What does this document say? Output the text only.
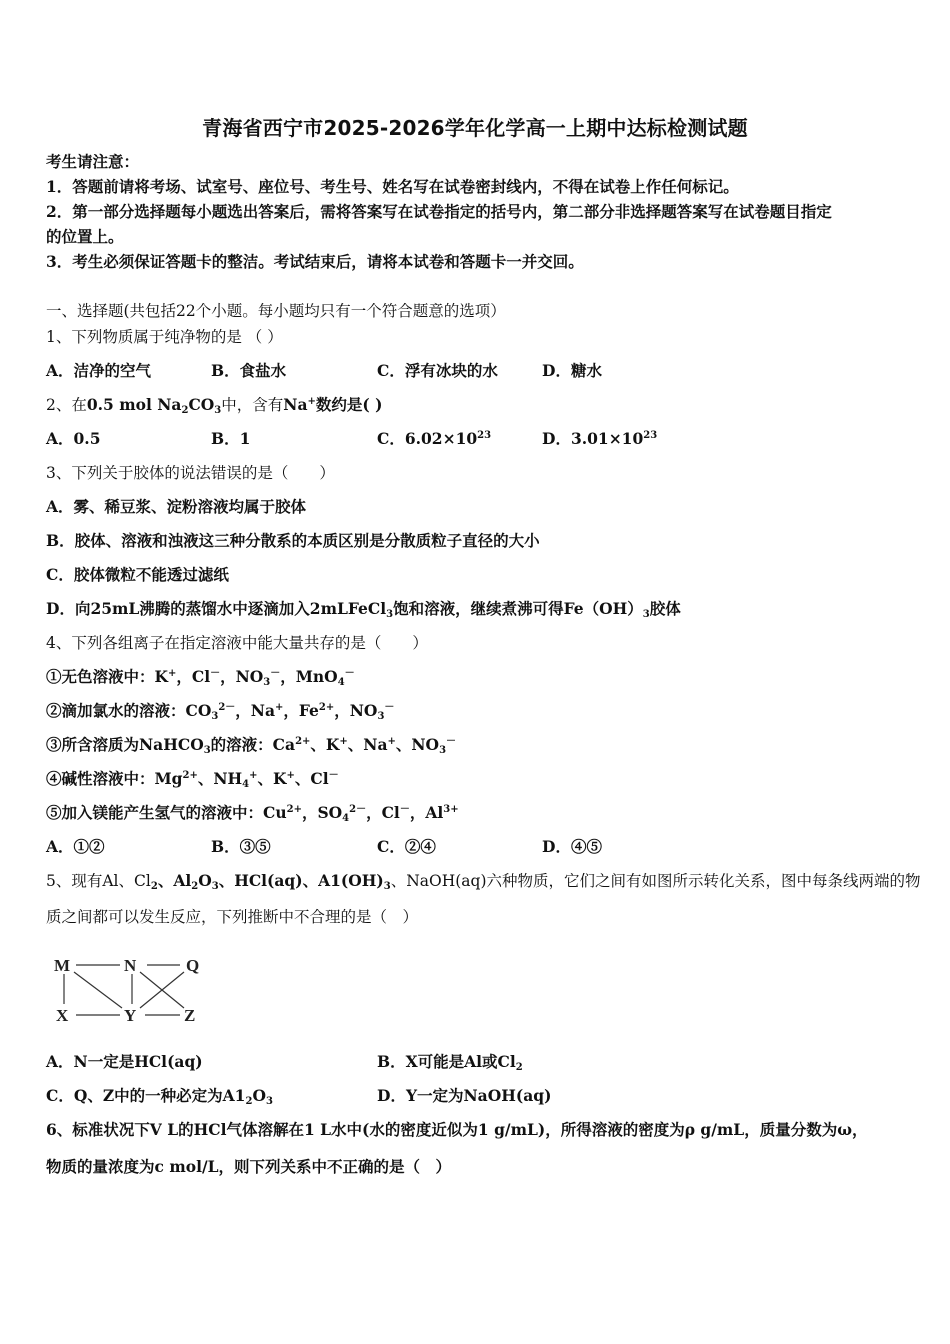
青海省西宁市2025-2026学年化学高一上期中达标检测试题
考生请注意：
1．答题前请将考场、试室号、座位号、考生号、姓名写在试卷密封线内，不得在试卷上作任何标记。
2．第一部分选择题每小题选出答案后，需将答案写在试卷指定的括号内，第二部分非选择题答案写在试卷题目指定
的位置上。
3．考生必须保证答题卡的整洁。考试结束后，请将本试卷和答题卡一并交回。
一、选择题(共包括22个小题。每小题均只有一个符合题意的选项）
1、下列物质属于纯净物的是 （ ）
A．洁净的空气	B．食盐水	C．浮有冰块的水	D．糖水
2、在0.5 mol $Na_2CO_3$中，含有Na+数约是( )
A．0.5	B．1	C．$6.02\times 10^{23}$	D．$3.01\times 10^{23}$
3、下列关于胶体的说法错误的是（　　）
A．雾、稀豆浆、淀粉溶液均属于胶体
B．胶体、溶液和浊液这三种分散系的本质区别是分散质粒子直径的大小
C．胶体微粒不能透过滤纸
D．向25mL沸腾的蒸馏水中逐滴加入2mLFeCl$_3$饱和溶液，继续煮沸可得$Fe(OH)_3$胶体
4、下列各组离子在指定溶液中能大量共存的是（　　）
①无色溶液中：K+，Cl－，$NO_3^-$，MnO$_4$－
②滴加氯水的溶液：$CO_3^{2-}$，Na+，$Fe^{2+}$，$NO_3^-$
③所含溶质为NaHCO$_3$的溶液：$Ca^{2+}$、K+、Na+、$NO_3^-$
④碱性溶液中：$Mg^{2+}$、$NH_4^+$、K+、Cl－
⑤加入镁能产生氢气的溶液中：$Cu^{2+}$，$SO_4^{2-}$，Cl－，$Al^{3+}$
A．①②	B．③⑤	C．②④	D．④⑤
5、现有Al、$Cl_2$、$Al_2O_3$、HCl(aq)、$A1(OH)_3$、NaOH(aq)六种物质，它们之间有如图所示转化关系，图中每条线两端的物
质之间都可以发生反应，下列推断中不合理的是（　）
M	N	Q
X	Y	Z
A．N一定是HCl(aq)	B．X可能是Al或$Cl_2$
C．Q、Z中的一种必定为$A1_2O_3$	D．Y一定为NaOH(aq)
6、标准状况下V L的HCl气体溶解在1 L水中(水的密度近似为1 g/mL)，所得溶液的密度为ρ g/mL，质量分数为ω，
物质的量浓度为c mol/L，则下列关系中不正确的是（　）
